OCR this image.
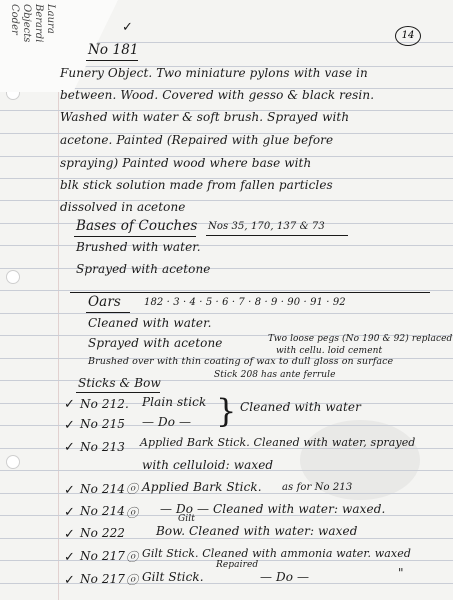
Laura
Berardi
Objects
Coder
14
✓
No 181
Funery Object. Two miniature pylons with vase in
between. Wood. Covered with gesso & black resin.
Washed with water & soft brush. Sprayed with
acetone. Painted (Repaired with glue before
spraying) Painted wood where base with
blk stick solution made from fallen particles
dissolved in acetone
Bases of Couches Nos 35, 170, 137 & 73
Brushed with water.
Sprayed with acetone
Oars 182 · 3 · 4 · 5 · 6 · 7 · 8 · 9 · 90 · 91 · 92
Cleaned with water.
Sprayed with acetone	Two loose pegs (No 190 & 92) replaced
with cellu. loid cement
Brushed over with thin coating of wax to dull gloss on surface
Sticks & Bow
Stick 208 has ante ferrule
✓ No 212. Plain stick
✓ No 215 — Do — } Cleaned with water
✓ No 213 Applied Bark Stick. Cleaned with water, sprayed
with celluloid: waxed
✓ No 214 ⓞ Applied Bark Stick. as for No 213
✓ No 214 ⓞ — Do — Cleaned with water: waxed.
✓ No 222
Gilt
Bow. Cleaned with water: waxed
✓ No 217 ⓞ Gilt Stick. Cleaned with ammonia water. waxed
✓ No 217 ⓞ Gilt Stick.
Repaired
— Do —	"
